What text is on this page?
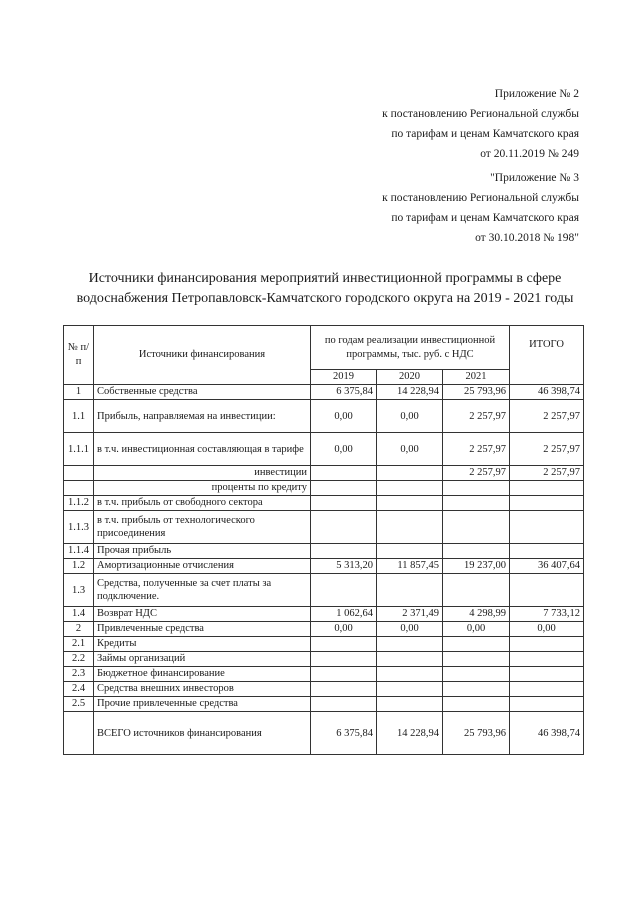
Приложение № 2
к постановлению Региональной службы
по тарифам и ценам Камчатского края
от 20.11.2019 № 249
"Приложение № 3
к постановлению Региональной службы
по тарифам и ценам Камчатского края
от 30.10.2018 № 198"
Источники финансирования мероприятий инвестиционной программы в сфере
водоснабжения Петропавловск-Камчатского городского округа на 2019 - 2021 годы
№ п/п	Источники финансирования	по годам реализации инвестиционной программы, тыс. руб. с НДС			ИТОГО
		2019	2020	2021	
1	Собственные средства	6 375,84	14 228,94	25 793,96	46 398,74
1.1	Прибыль, направляемая на инвестиции:	0,00	0,00	2 257,97	2 257,97
1.1.1	в т.ч. инвестиционная составляющая в тарифе	0,00	0,00	2 257,97	2 257,97
	инвестиции			2 257,97	2 257,97
	проценты по кредиту				
1.1.2	в т.ч. прибыль от свободного сектора				
1.1.3	в т.ч. прибыль от технологического присоединения				
1.1.4	Прочая прибыль				
1.2	Амортизационные отчисления	5 313,20	11 857,45	19 237,00	36 407,64
1.3	Средства, полученные за счет платы за подключение.				
1.4	Возврат НДС	1 062,64	2 371,49	4 298,99	7 733,12
2	Привлеченные средства	0,00	0,00	0,00	0,00
2.1	Кредиты				
2.2	Займы организаций				
2.3	Бюджетное финансирование				
2.4	Средства внешних инвесторов				
2.5	Прочие привлеченные средства				
	ВСЕГО источников финансирования	6 375,84	14 228,94	25 793,96	46 398,74
